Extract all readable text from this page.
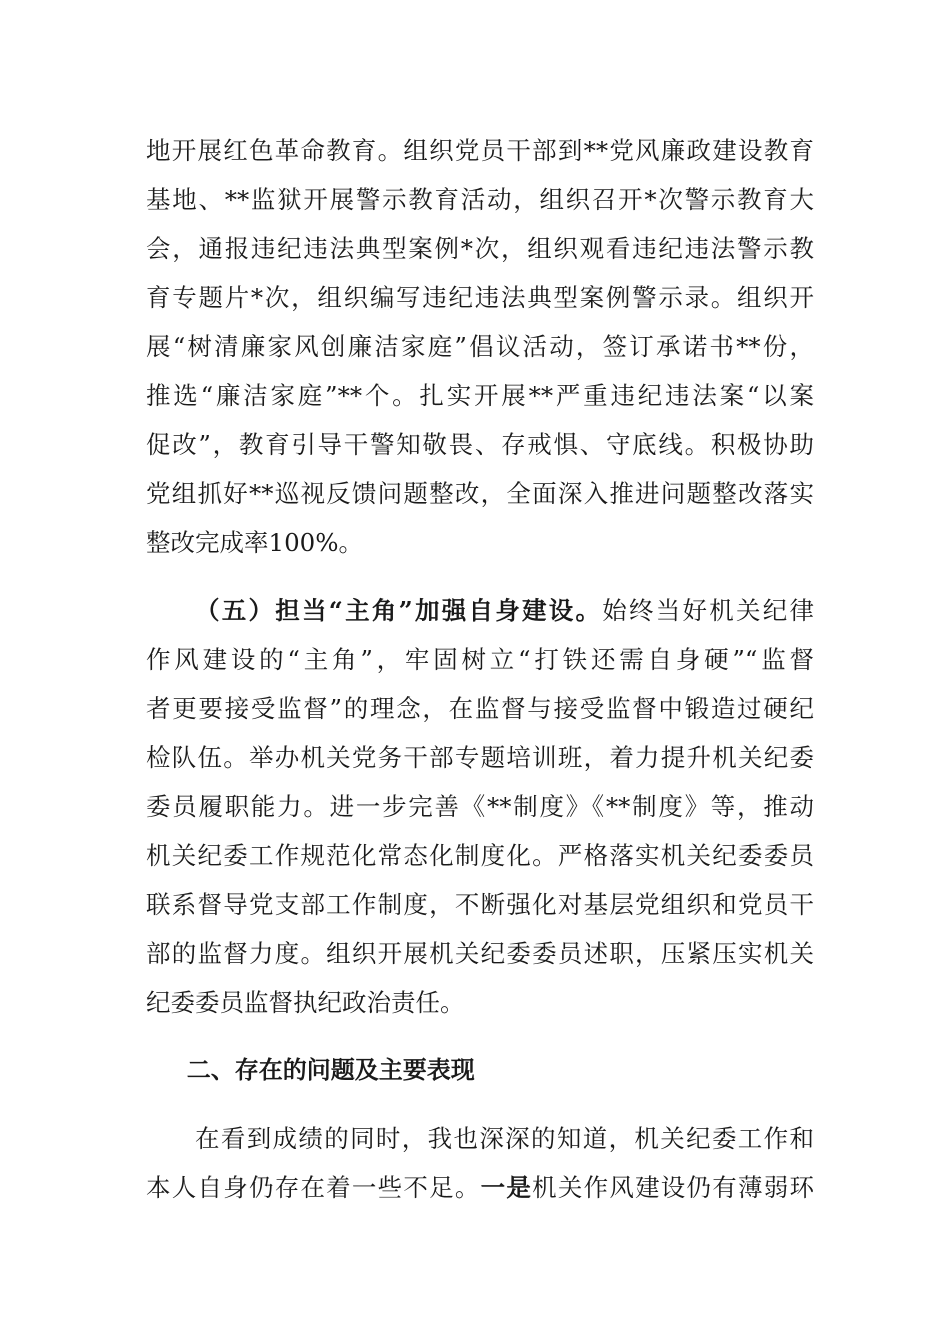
地开展红色革命教育。组织党员干部到**党风廉政建设教育
基地、**监狱开展警示教育活动，组织召开*次警示教育大
会，通报违纪违法典型案例*次，组织观看违纪违法警示教
育专题片*次，组织编写违纪违法典型案例警示录。组织开
展“树清廉家风创廉洁家庭”倡议活动，签订承诺书**份，
推选“廉洁家庭”**个。扎实开展**严重违纪违法案“以案
促改”，教育引导干警知敬畏、存戒惧、守底线。积极协助
党组抓好**巡视反馈问题整改，全面深入推进问题整改落实
整改完成率100%。
（五）担当“主角”加强自身建设。始终当好机关纪律
作风建设的“主角”，牢固树立“打铁还需自身硬”“监督
者更要接受监督”的理念，在监督与接受监督中锻造过硬纪
检队伍。举办机关党务干部专题培训班，着力提升机关纪委
委员履职能力。进一步完善《**制度》《**制度》等，推动
机关纪委工作规范化常态化制度化。严格落实机关纪委委员
联系督导党支部工作制度，不断强化对基层党组织和党员干
部的监督力度。组织开展机关纪委委员述职，压紧压实机关
纪委委员监督执纪政治责任。
二、存在的问题及主要表现
在看到成绩的同时，我也深深的知道，机关纪委工作和
本人自身仍存在着一些不足。一是机关作风建设仍有薄弱环
